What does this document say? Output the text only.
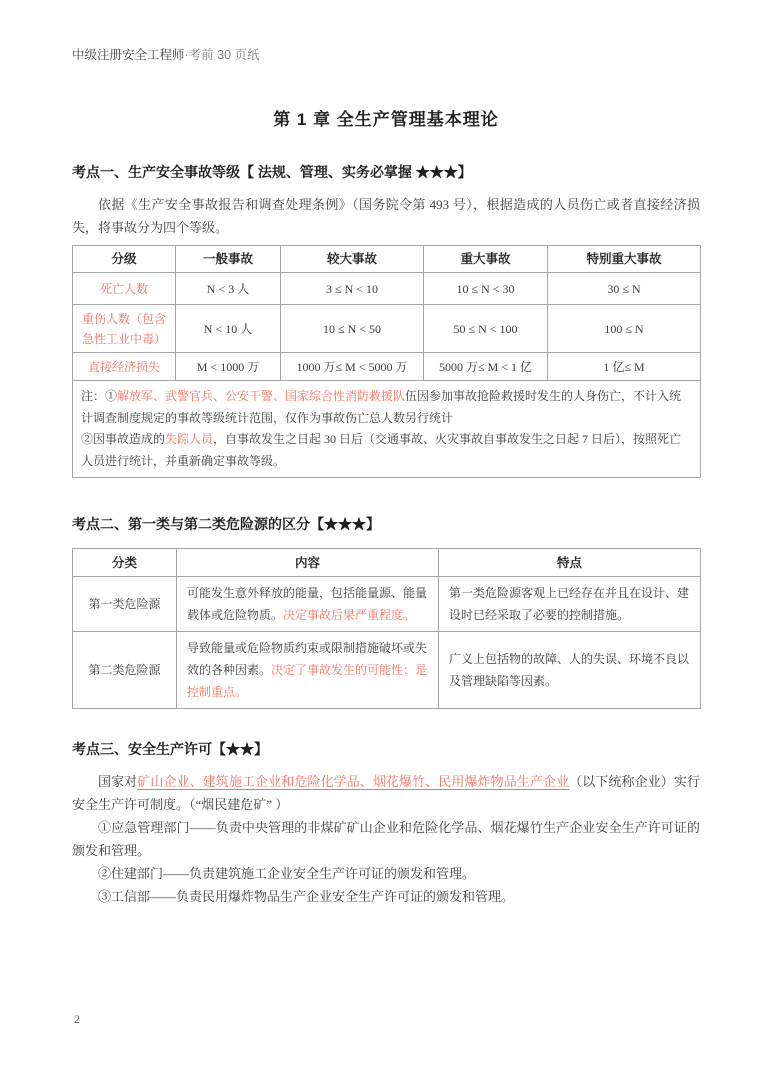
中级注册安全工程师·考前 30 页纸
第 1 章 全生产管理基本理论
考点一、生产安全事故等级【 法规、管理、实务必掌握 ★★★】

依据《生产安全事故报告和调查处理条例》（国务院令第 493 号），根据造成的人员伤亡或者直接经济损失，将事故分为四个等级。

分级	一般事故	较大事故	重大事故	特别重大事故
死亡人数	N < 3 人	3 ≤ N < 10	10 ≤ N < 30	30 ≤ N
重伤人数（包含急性工业中毒）	N < 10 人	10 ≤ N < 50	50 ≤ N < 100	100 ≤ N
直接经济损失	M < 1000 万	1000 万≤ M < 5000 万	5000 万≤ M < 1 亿	1 亿≤ M

注：①解放军、武警官兵、公安干警、国家综合性消防救援队伍因参加事故抢险救援时发生的人身伤亡，不计入统计调查制度规定的事故等级统计范围，仅作为事故伤亡总人数另行统计
②因事故造成的失踪人员，自事故发生之日起 30 日后（交通事故、火灾事故自事故发生之日起 7 日后），按照死亡人员进行统计，并重新确定事故等级。				
考点二、第一类与第二类危险源的区分【★★★】
分类	内容	特点
第一类危险源	可能发生意外释放的能量，包括能量源、能量载体或危险物质。决定事故后果严重程度。	第一类危险源客观上已经存在并且在设计、建设时已经采取了必要的控制措施。
第二类危险源	导致能量或危险物质约束或限制措施破坏或失效的各种因素。决定了事故发生的可能性；是控制重点。	广义上包括物的故障、人的失误、环境不良以及管理缺陷等因素。
考点三、安全生产许可【★★】

国家对矿山企业、建筑施工企业和危险化学品、烟花爆竹、民用爆炸物品生产企业（以下统称企业）实行安全生产许可制度。（“烟民建危矿” ）

①应急管理部门——负责中央管理的非煤矿矿山企业和危险化学品、烟花爆竹生产企业安全生产许可证的颁发和管理。

②住建部门——负责建筑施工企业安全生产许可证的颁发和管理。

③工信部——负责民用爆炸物品生产企业安全生产许可证的颁发和管理。

2
